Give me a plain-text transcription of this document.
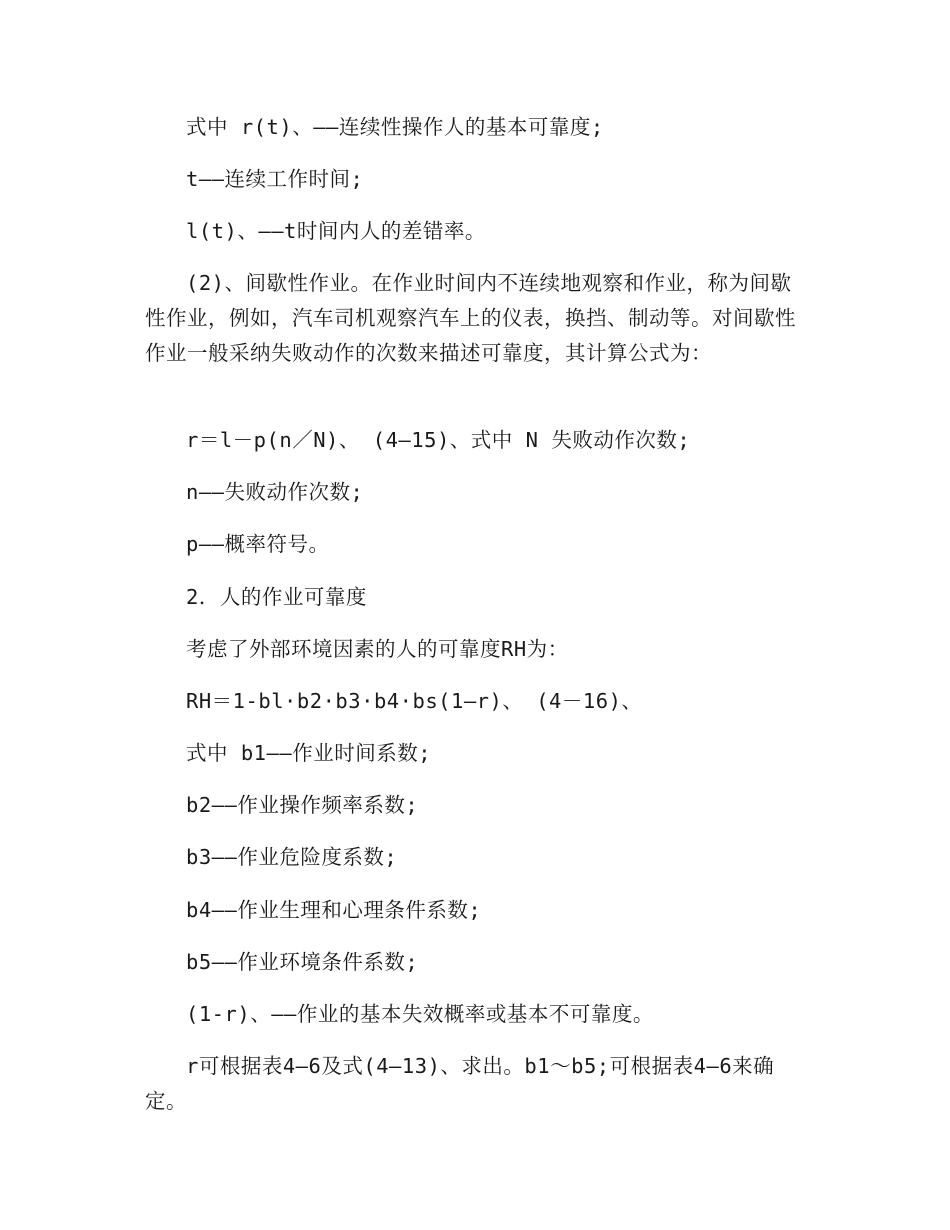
式中 r(t)、——连续性操作人的基本可靠度;

t——连续工作时间;

l(t)、——t时间内人的差错率。

(2)、间歇性作业。在作业时间内不连续地观察和作业，称为间歇性作业，例如，汽车司机观察汽车上的仪表，换挡、制动等。对间歇性作业一般采纳失败动作的次数来描述可靠度，其计算公式为：

r＝l－p(n／N)、 (4—15)、式中 N 失败动作次数;

n——失败动作次数;

p——概率符号。

2．人的作业可靠度

考虑了外部环境因素的人的可靠度RH为：

RH＝1-bl·b2·b3·b4·bs(1—r)、 (4－16)、

式中 b1——作业时间系数;

b2——作业操作频率系数;

b3——作业危险度系数;

b4——作业生理和心理条件系数;

b5——作业环境条件系数;

(1-r)、——作业的基本失效概率或基本不可靠度。

r可根据表4—6及式(4—13)、求出。b1～b5;可根据表4—6来确定。
